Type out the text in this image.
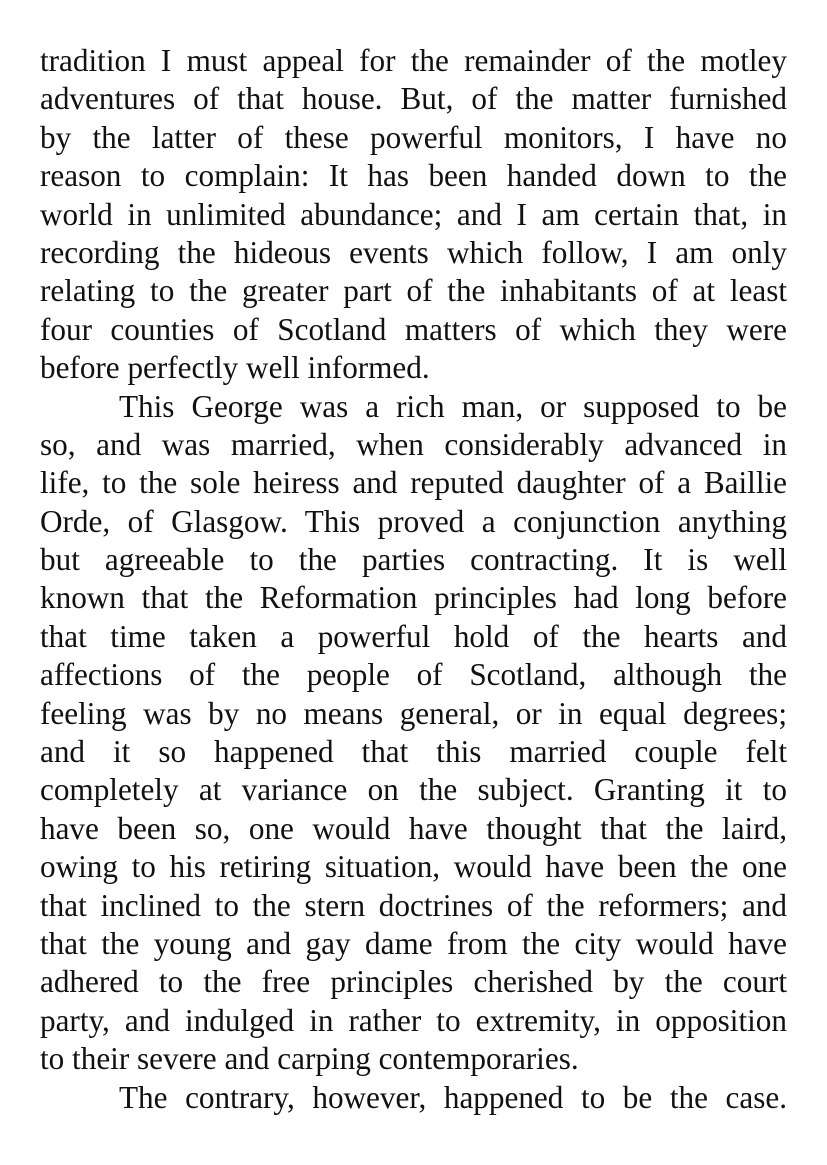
tradition I must appeal for the remainder of the motley
adventures of that house. But, of the matter furnished
by the latter of these powerful monitors, I have no
reason to complain: It has been handed down to the
world in unlimited abundance; and I am certain that, in
recording the hideous events which follow, I am only
relating to the greater part of the inhabitants of at least
four counties of Scotland matters of which they were
before perfectly well informed.
This George was a rich man, or supposed to be
so, and was married, when considerably advanced in
life, to the sole heiress and reputed daughter of a Baillie
Orde, of Glasgow. This proved a conjunction anything
but agreeable to the parties contracting. It is well
known that the Reformation principles had long before
that time taken a powerful hold of the hearts and
affections of the people of Scotland, although the
feeling was by no means general, or in equal degrees;
and it so happened that this married couple felt
completely at variance on the subject. Granting it to
have been so, one would have thought that the laird,
owing to his retiring situation, would have been the one
that inclined to the stern doctrines of the reformers; and
that the young and gay dame from the city would have
adhered to the free principles cherished by the court
party, and indulged in rather to extremity, in opposition
to their severe and carping contemporaries.
The contrary, however, happened to be the case.
